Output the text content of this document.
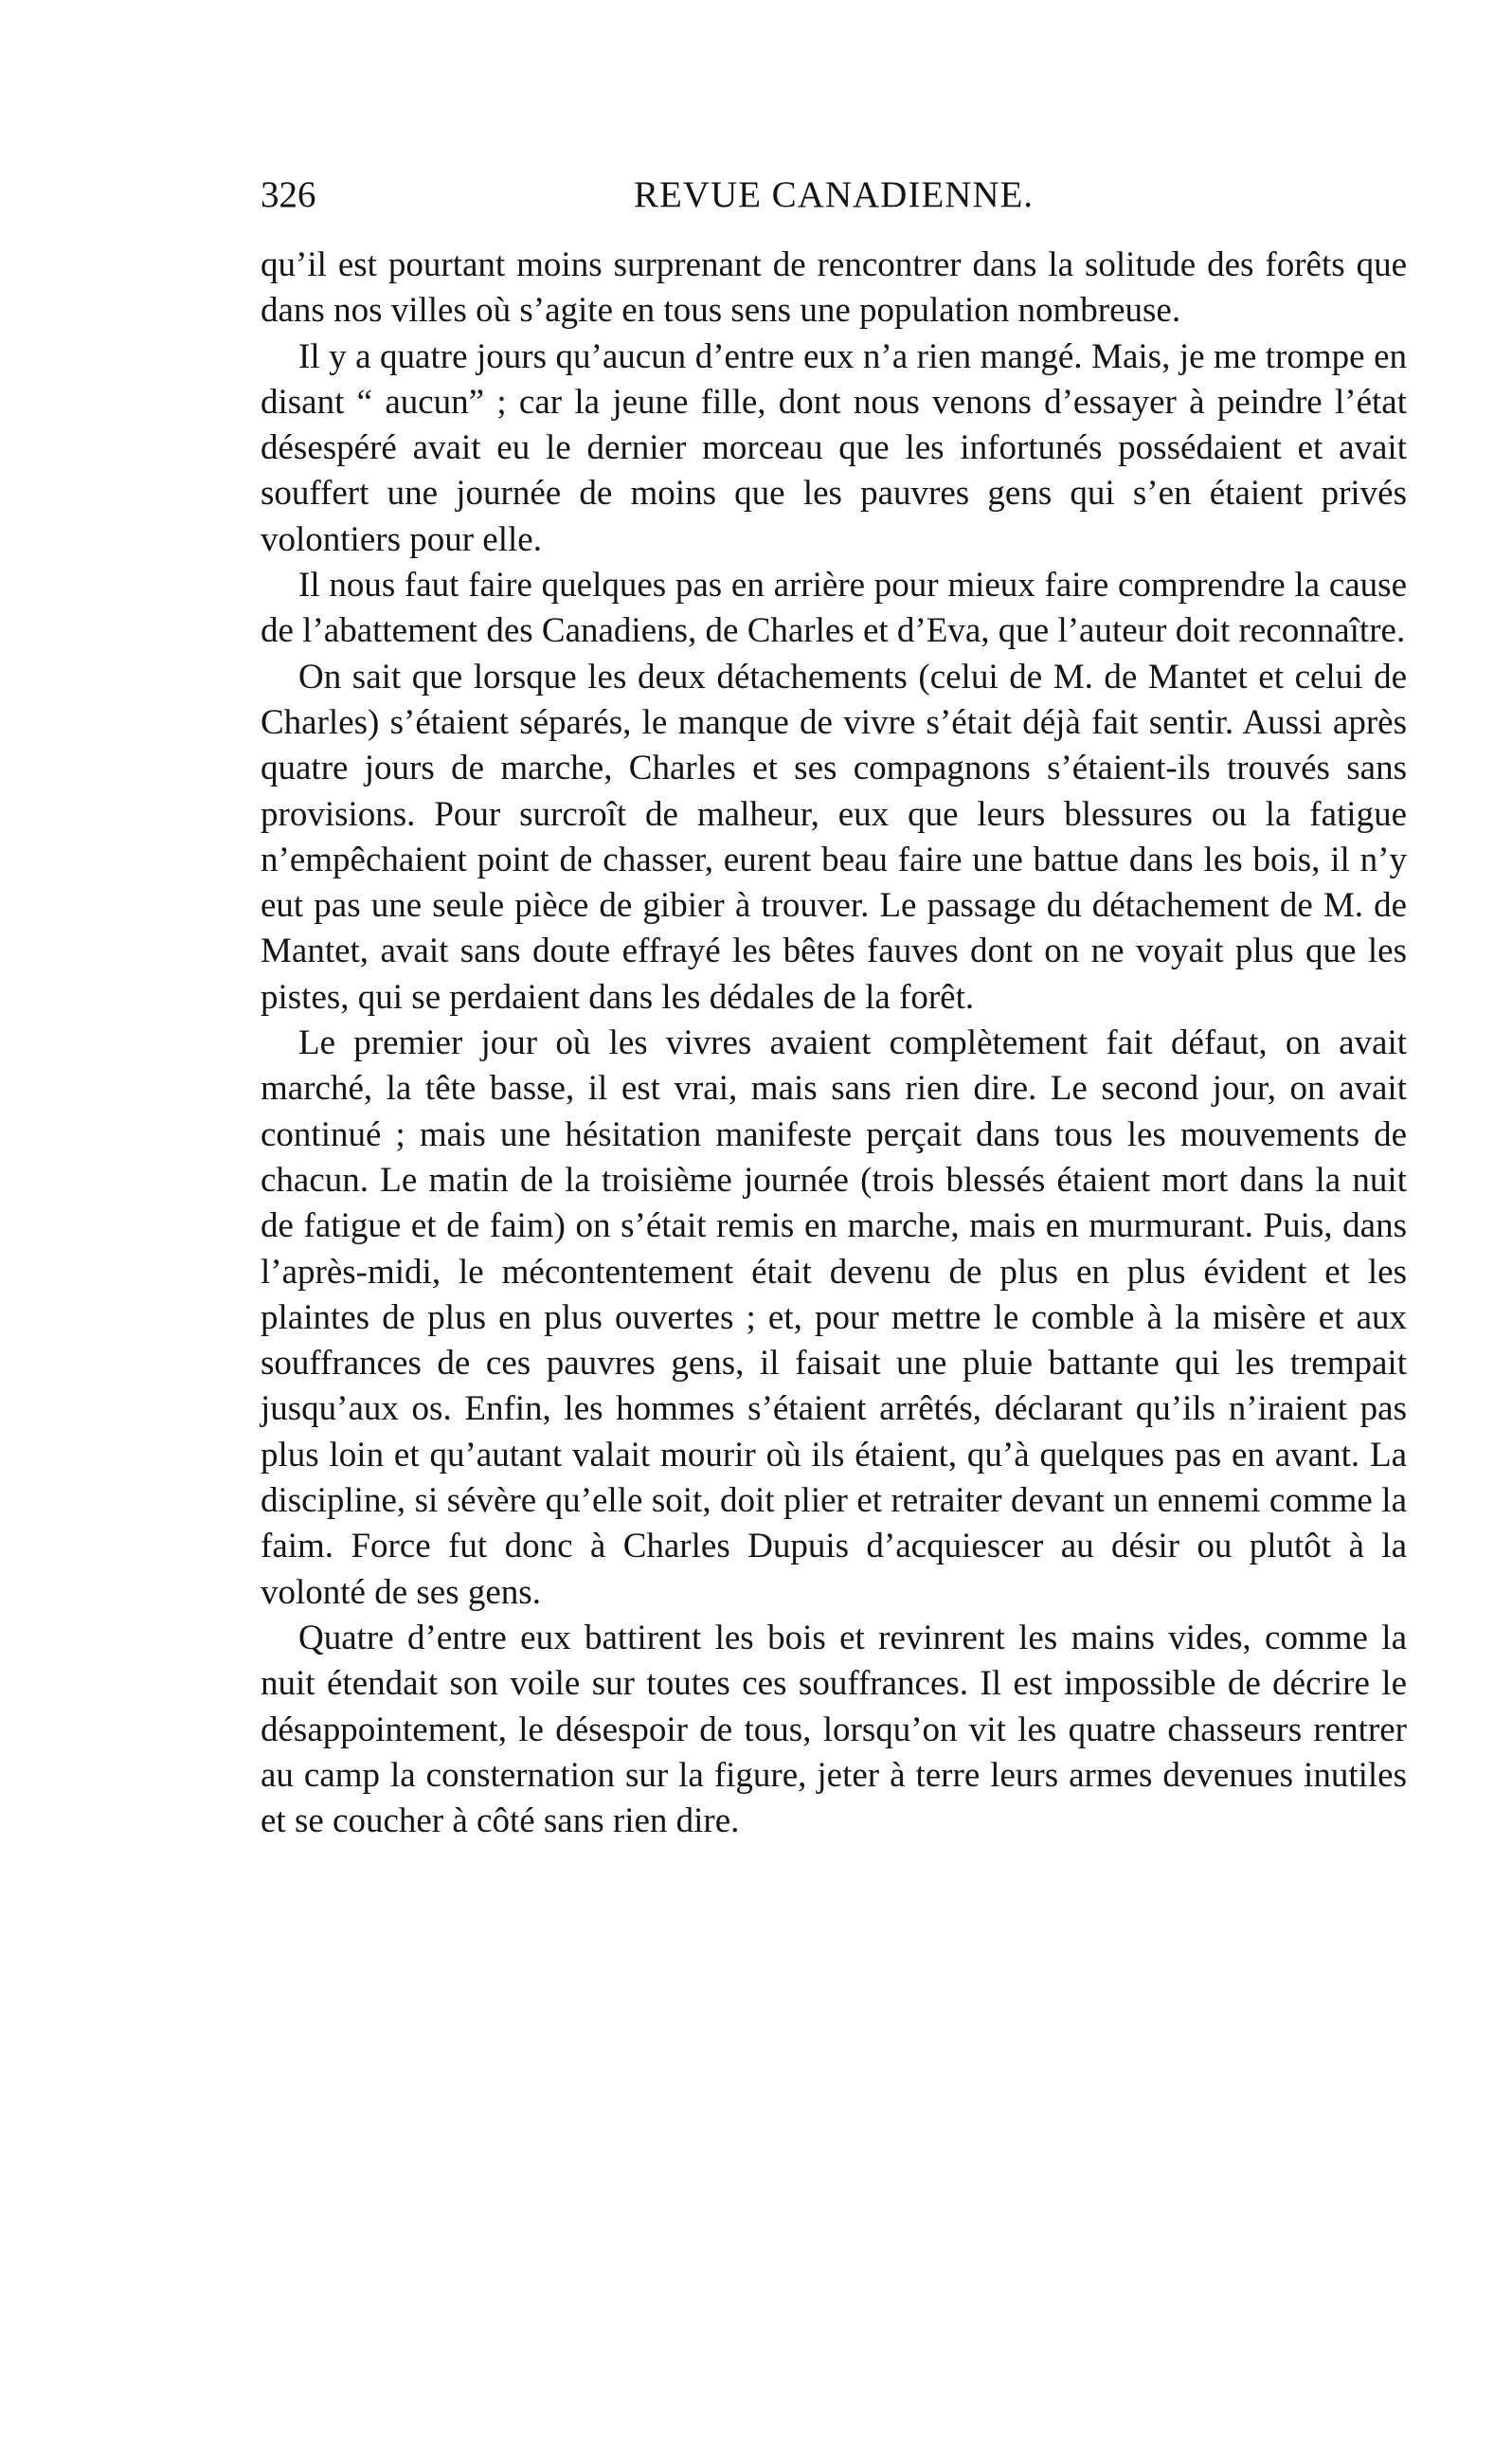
326	REVUE CANADIENNE.

qu’il est pourtant moins surprenant de rencontrer dans la solitude des forêts que dans nos villes où s’agite en tous sens une population nombreuse.

Il y a quatre jours qu’aucun d’entre eux n’a rien mangé. Mais, je me trompe en disant “ aucun” ; car la jeune fille, dont nous venons d’essayer à peindre l’état désespéré avait eu le dernier morceau que les infortunés possédaient et avait souffert une journée de moins que les pauvres gens qui s’en étaient privés volontiers pour elle.

Il nous faut faire quelques pas en arrière pour mieux faire comprendre la cause de l’abattement des Canadiens, de Charles et d’Eva, que l’auteur doit reconnaître.

On sait que lorsque les deux détachements (celui de M. de Mantet et celui de Charles) s’étaient séparés, le manque de vivre s’était déjà fait sentir. Aussi après quatre jours de marche, Charles et ses compagnons s’étaient-ils trouvés sans provisions. Pour surcroît de malheur, eux que leurs blessures ou la fatigue n’empêchaient point de chasser, eurent beau faire une battue dans les bois, il n’y eut pas une seule pièce de gibier à trouver. Le passage du détachement de M. de Mantet, avait sans doute effrayé les bêtes fauves dont on ne voyait plus que les pistes, qui se perdaient dans les dédales de la forêt.

Le premier jour où les vivres avaient complètement fait défaut, on avait marché, la tête basse, il est vrai, mais sans rien dire. Le second jour, on avait continué ; mais une hésitation manifeste perçait dans tous les mouvements de chacun. Le matin de la troisième journée (trois blessés étaient mort dans la nuit de fatigue et de faim) on s’était remis en marche, mais en murmurant. Puis, dans l’après-midi, le mécontentement était devenu de plus en plus évident et les plaintes de plus en plus ouvertes ; et, pour mettre le comble à la misère et aux souffrances de ces pauvres gens, il faisait une pluie battante qui les trempait jusqu’aux os. Enfin, les hommes s’étaient arrêtés, déclarant qu’ils n’iraient pas plus loin et qu’autant valait mourir où ils étaient, qu’à quelques pas en avant. La discipline, si sévère qu’elle soit, doit plier et retraiter devant un ennemi comme la faim. Force fut donc à Charles Dupuis d’acquiescer au désir ou plutôt à la volonté de ses gens.

Quatre d’entre eux battirent les bois et revinrent les mains vides, comme la nuit étendait son voile sur toutes ces souffrances. Il est impossible de décrire le désappointement, le désespoir de tous, lorsqu’on vit les quatre chasseurs rentrer au camp la consternation sur la figure, jeter à terre leurs armes devenues inutiles et se coucher à côté sans rien dire.
